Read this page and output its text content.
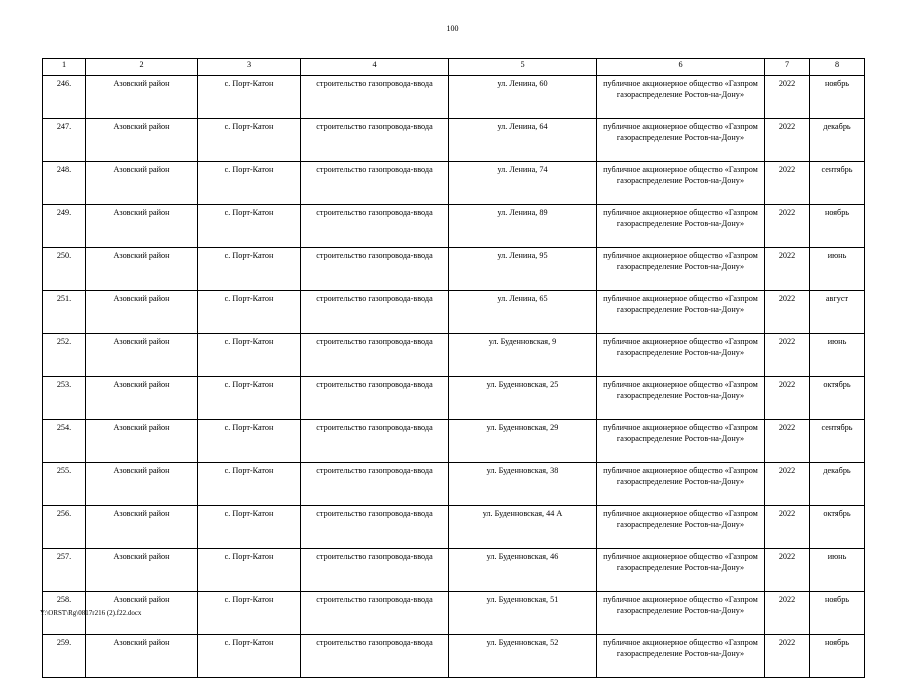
100
1	2	3	4	5	6	7	8
246.	Азовский район	с. Порт-Катон	строительство газопровода-ввода	ул. Ленина, 60	публичное акционерное общество «Газпром газораспределение Ростов-на-Дону»	2022	ноябрь
247.	Азовский район	с. Порт-Катон	строительство газопровода-ввода	ул. Ленина, 64	публичное акционерное общество «Газпром газораспределение Ростов-на-Дону»	2022	декабрь
248.	Азовский район	с. Порт-Катон	строительство газопровода-ввода	ул. Ленина, 74	публичное акционерное общество «Газпром газораспределение Ростов-на-Дону»	2022	сентябрь
249.	Азовский район	с. Порт-Катон	строительство газопровода-ввода	ул. Ленина, 89	публичное акционерное общество «Газпром газораспределение Ростов-на-Дону»	2022	ноябрь
250.	Азовский район	с. Порт-Катон	строительство газопровода-ввода	ул. Ленина, 95	публичное акционерное общество «Газпром газораспределение Ростов-на-Дону»	2022	июнь
251.	Азовский район	с. Порт-Катон	строительство газопровода-ввода	ул. Ленина, 65	публичное акционерное общество «Газпром газораспределение Ростов-на-Дону»	2022	август
252.	Азовский район	с. Порт-Катон	строительство газопровода-ввода	ул. Буденновская, 9	публичное акционерное общество «Газпром газораспределение Ростов-на-Дону»	2022	июнь
253.	Азовский район	с. Порт-Катон	строительство газопровода-ввода	ул. Буденновская, 25	публичное акционерное общество «Газпром газораспределение Ростов-на-Дону»	2022	октябрь
254.	Азовский район	с. Порт-Катон	строительство газопровода-ввода	ул. Буденновская, 29	публичное акционерное общество «Газпром газораспределение Ростов-на-Дону»	2022	сентябрь
255.	Азовский район	с. Порт-Катон	строительство газопровода-ввода	ул. Буденновская, 38	публичное акционерное общество «Газпром газораспределение Ростов-на-Дону»	2022	декабрь
256.	Азовский район	с. Порт-Катон	строительство газопровода-ввода	ул. Буденновская, 44 А	публичное акционерное общество «Газпром газораспределение Ростов-на-Дону»	2022	октябрь
257.	Азовский район	с. Порт-Катон	строительство газопровода-ввода	ул. Буденновская, 46	публичное акционерное общество «Газпром газораспределение Ростов-на-Дону»	2022	июнь
258.	Азовский район	с. Порт-Катон	строительство газопровода-ввода	ул. Буденновская, 51	публичное акционерное общество «Газпром газораспределение Ростов-на-Дону»	2022	ноябрь
259.	Азовский район	с. Порт-Катон	строительство газопровода-ввода	ул. Буденновская, 52	публичное акционерное общество «Газпром газораспределение Ростов-на-Дону»	2022	ноябрь
Y:\ORST\Rg\0817r216 (2).f22.docx
